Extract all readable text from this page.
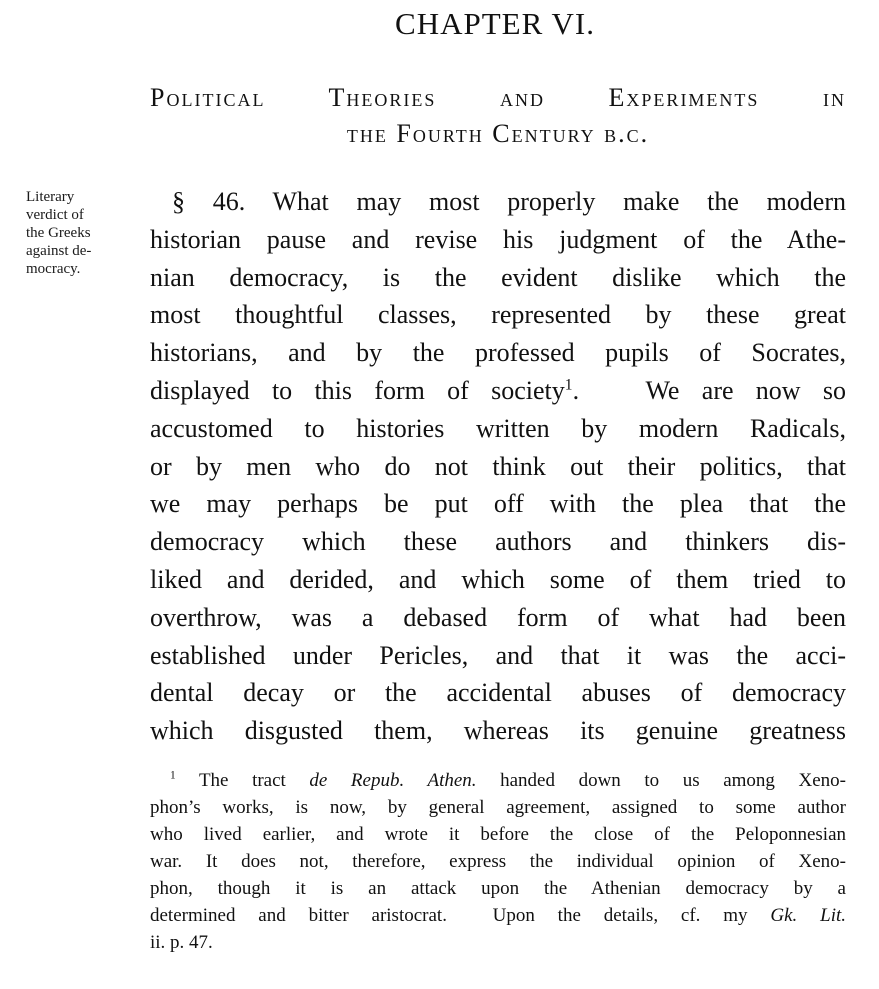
CHAPTER VI.
Political Theories and Experiments in
the Fourth Century b.c.
Literary
verdict of
the Greeks
against de-
mocracy.
§ 46. What may most properly make the modern
historian pause and revise his judgment of the Athe-
nian democracy, is the evident dislike which the
most thoughtful classes, represented by these great
historians, and by the professed pupils of Socrates,
displayed to this form of society$^1$.   We are now so
accustomed to histories written by modern Radicals,
or by men who do not think out their politics, that
we may perhaps be put off with the plea that the
democracy which these authors and thinkers dis-
liked and derided, and which some of them tried to
overthrow, was a debased form of what had been
established under Pericles, and that it was the acci-
dental decay or the accidental abuses of democracy
which disgusted them, whereas its genuine greatness
$^1$ The tract de Repub. Athen. handed down to us among Xeno-
phon’s works, is now, by general agreement, assigned to some author
who lived earlier, and wrote it before the close of the Peloponnesian
war. It does not, therefore, express the individual opinion of Xeno-
phon, though it is an attack upon the Athenian democracy by a
determined and bitter aristocrat.  Upon the details, cf. my Gk. Lit.
ii. p. 47.
